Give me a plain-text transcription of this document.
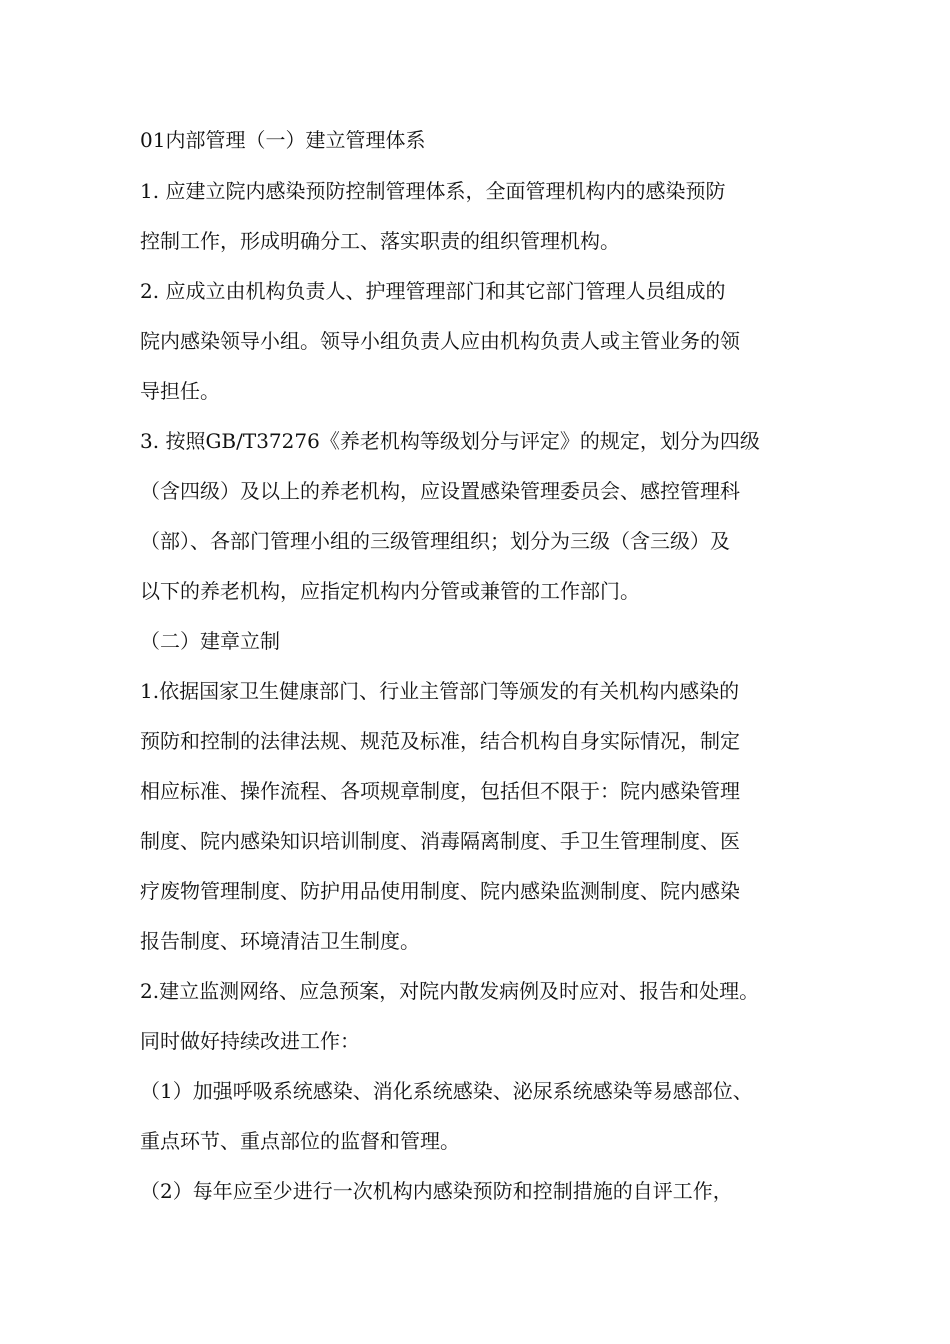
01内部管理（一）建立管理体系
1. 应建立院内感染预防控制管理体系，全面管理机构内的感染预防
控制工作，形成明确分工、落实职责的组织管理机构。
2. 应成立由机构负责人、护理管理部门和其它部门管理人员组成的
院内感染领导小组。领导小组负责人应由机构负责人或主管业务的领
导担任。
3. 按照GB/T37276《养老机构等级划分与评定》的规定，划分为四级
（含四级）及以上的养老机构，应设置感染管理委员会、感控管理科
（部）、各部门管理小组的三级管理组织；划分为三级（含三级）及
以下的养老机构，应指定机构内分管或兼管的工作部门。
（二）建章立制
1.依据国家卫生健康部门、行业主管部门等颁发的有关机构内感染的
预防和控制的法律法规、规范及标准，结合机构自身实际情况，制定
相应标准、操作流程、各项规章制度，包括但不限于：院内感染管理
制度、院内感染知识培训制度、消毒隔离制度、手卫生管理制度、医
疗废物管理制度、防护用品使用制度、院内感染监测制度、院内感染
报告制度、环境清洁卫生制度。
2.建立监测网络、应急预案，对院内散发病例及时应对、报告和处理。
同时做好持续改进工作：
（1）加强呼吸系统感染、消化系统感染、泌尿系统感染等易感部位、
重点环节、重点部位的监督和管理。
（2）每年应至少进行一次机构内感染预防和控制措施的自评工作，
